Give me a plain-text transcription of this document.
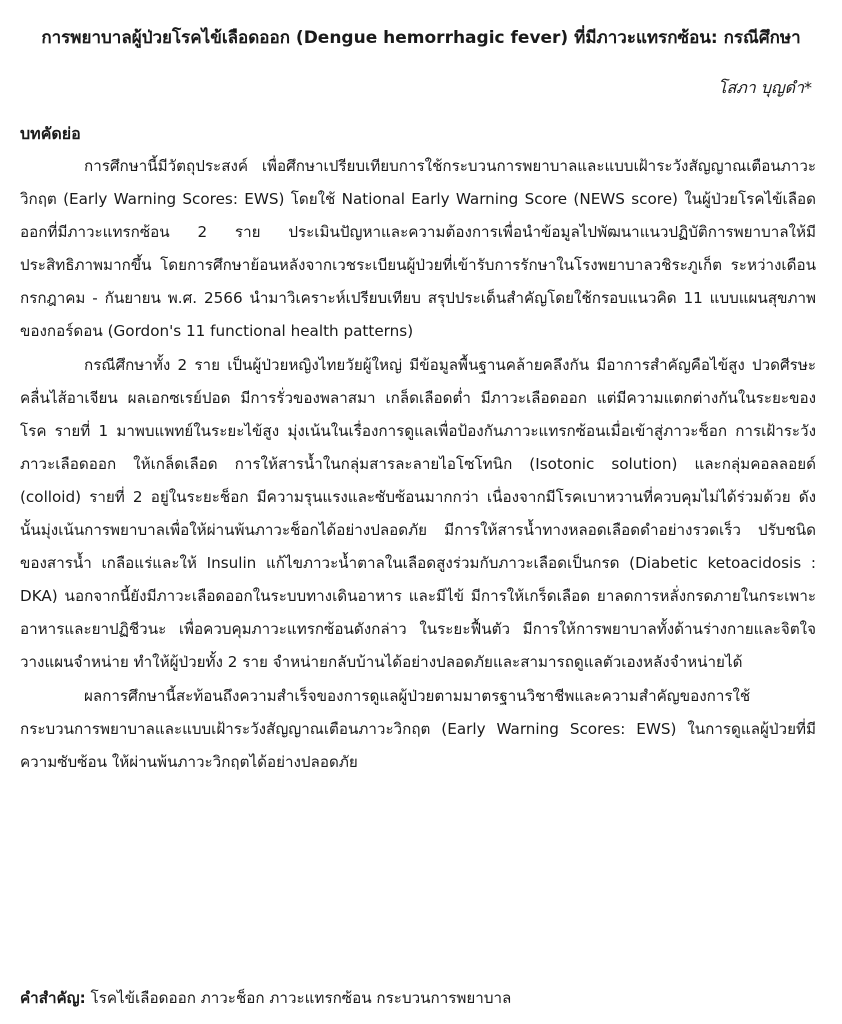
การพยาบาลผู้ป่วยโรคไข้เลือดออก (Dengue hemorrhagic fever) ที่มีภาวะแทรกซ้อน: กรณีศึกษา
โสภา บุญดำ*
บทคัดย่อ

การศึกษานี้มีวัตถุประสงค์ เพื่อศึกษาเปรียบเทียบการใช้กระบวนการพยาบาลและแบบเฝ้าระวังสัญญาณเตือนภาวะวิกฤต (Early Warning Scores: EWS) โดยใช้ National Early Warning Score (NEWS score) ในผู้ป่วยโรคไข้เลือดออกที่มีภาวะแทรกซ้อน 2 ราย ประเมินปัญหาและความต้องการเพื่อนำข้อมูลไปพัฒนาแนวปฏิบัติการพยาบาลให้มีประสิทธิภาพมากขึ้น โดยการศึกษาย้อนหลังจากเวชระเบียนผู้ป่วยที่เข้ารับการรักษาในโรงพยาบาลวชิระภูเก็ต ระหว่างเดือนกรกฎาคม - กันยายน พ.ศ. 2566 นำมาวิเคราะห์เปรียบเทียบ สรุปประเด็นสำคัญโดยใช้กรอบแนวคิด 11 แบบแผนสุขภาพของกอร์ดอน (Gordon's 11 functional health patterns)

กรณีศึกษาทั้ง 2 ราย เป็นผู้ป่วยหญิงไทยวัยผู้ใหญ่ มีข้อมูลพื้นฐานคล้ายคลึงกัน มีอาการสำคัญคือไข้สูง ปวดศีรษะ คลื่นไส้อาเจียน ผลเอกซเรย์ปอด มีการรั่วของพลาสมา เกล็ดเลือดต่ำ มีภาวะเลือดออก แต่มีความแตกต่างกันในระยะของโรค รายที่ 1 มาพบแพทย์ในระยะไข้สูง มุ่งเน้นในเรื่องการดูแลเพื่อป้องกันภาวะแทรกซ้อนเมื่อเข้าสู่ภาวะช็อก การเฝ้าระวังภาวะเลือดออก ให้เกล็ดเลือด การให้สารน้ำในกลุ่มสารละลายไอโซโทนิก (Isotonic solution) และกลุ่มคอลลอยด์ (colloid) รายที่ 2 อยู่ในระยะช็อก มีความรุนแรงและซับซ้อนมากกว่า เนื่องจากมีโรคเบาหวานที่ควบคุมไม่ได้ร่วมด้วย ดังนั้นมุ่งเน้นการพยาบาลเพื่อให้ผ่านพ้นภาวะช็อกได้อย่างปลอดภัย มีการให้สารน้ำทางหลอดเลือดดำอย่างรวดเร็ว ปรับชนิดของสารน้ำ เกลือแร่และให้ Insulin แก้ไขภาวะน้ำตาลในเลือดสูงร่วมกับภาวะเลือดเป็นกรด (Diabetic ketoacidosis : DKA) นอกจากนี้ยังมีภาวะเลือดออกในระบบทางเดินอาหาร และมีไข้ มีการให้เกร็ดเลือด ยาลดการหลั่งกรดภายในกระเพาะอาหารและยาปฏิชีวนะ เพื่อควบคุมภาวะแทรกซ้อนดังกล่าว ในระยะฟื้นตัว มีการให้การพยาบาลทั้งด้านร่างกายและจิตใจ วางแผนจำหน่าย ทำให้ผู้ป่วยทั้ง 2 ราย จำหน่ายกลับบ้านได้อย่างปลอดภัยและสามารถดูแลตัวเองหลังจำหน่ายได้

ผลการศึกษานี้สะท้อนถึงความสำเร็จของการดูแลผู้ป่วยตามมาตรฐานวิชาชีพและความสำคัญของการใช้กระบวนการพยาบาลและแบบเฝ้าระวังสัญญาณเตือนภาวะวิกฤต (Early Warning Scores: EWS) ในการดูแลผู้ป่วยที่มีความซับซ้อน ให้ผ่านพ้นภาวะวิกฤตได้อย่างปลอดภัย

คำสำคัญ: โรคไข้เลือดออก ภาวะช็อก ภาวะแทรกซ้อน กระบวนการพยาบาล
